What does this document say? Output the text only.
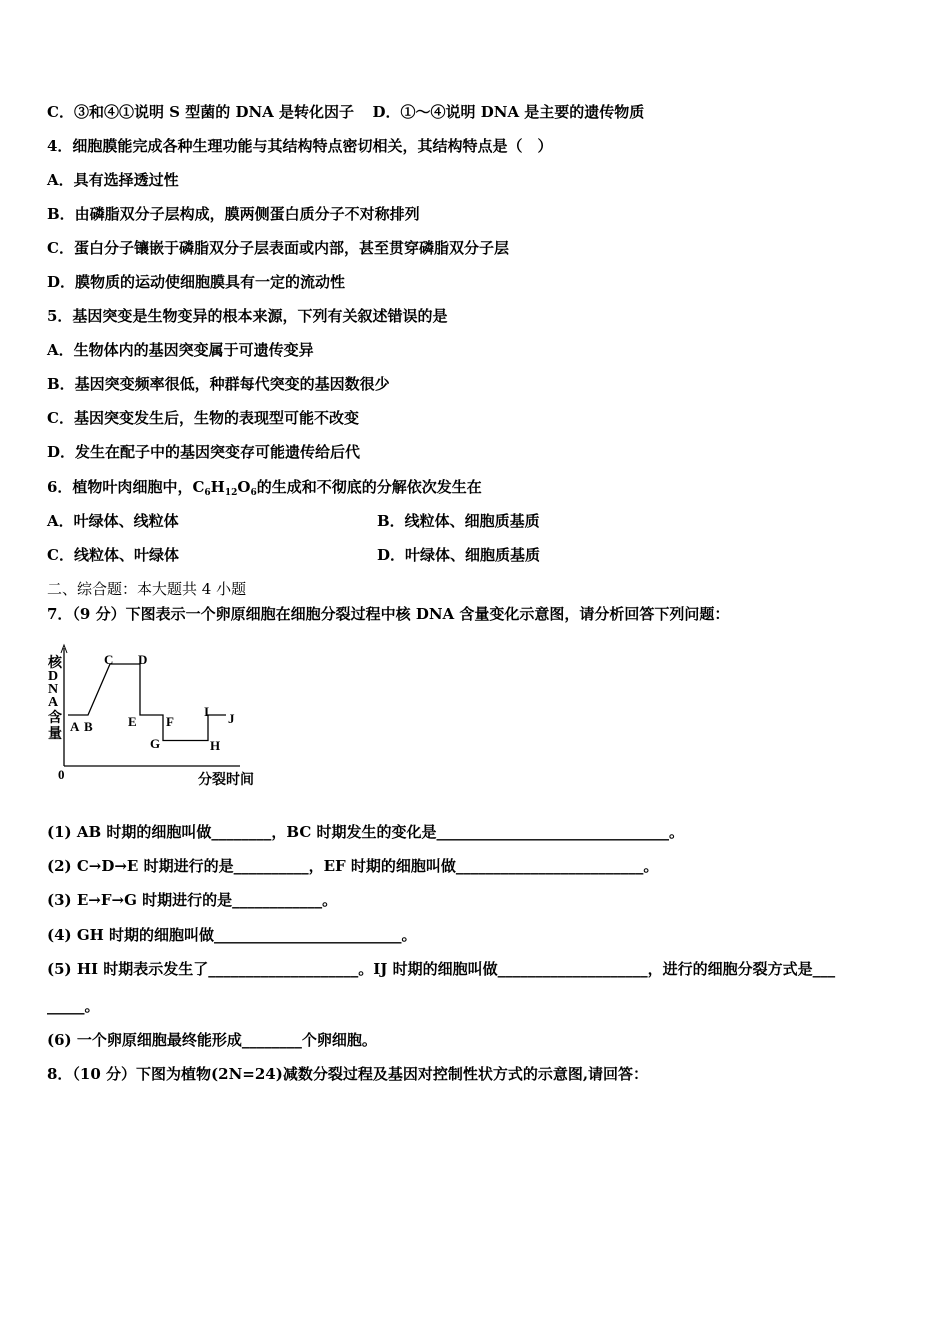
C．③和④①说明 S 型菌的 DNA 是转化因子 D．①～④说明 DNA 是主要的遗传物质
4．细胞膜能完成各种生理功能与其结构特点密切相关，其结构特点是（　）
A．具有选择透过性
B．由磷脂双分子层构成，膜两侧蛋白质分子不对称排列
C．蛋白分子镶嵌于磷脂双分子层表面或内部，甚至贯穿磷脂双分子层
D．膜物质的运动使细胞膜具有一定的流动性
5．基因突变是生物变异的根本来源，下列有关叙述错误的是
A．生物体内的基因突变属于可遗传变异
B．基因突变频率很低，种群每代突变的基因数很少
C．基因突变发生后，生物的表现型可能不改变
D．发生在配子中的基因突变存可能遗传给后代
6．植物叶肉细胞中，$C_6H_{12}O_6$的生成和不彻底的分解依次发生在
A．叶绿体、线粒体	B．线粒体、细胞质基质
C．线粒体、叶绿体	D．叶绿体、细胞质基质
二、综合题：本大题共 4 小题
7．（9 分）下图表示一个卵原细胞在细胞分裂过程中核 DNA 含量变化示意图，请分析回答下列问题：
核 D N A 含量
0	分裂时间
A B
C D
E F
G	H
I J
(1) AB 时期的细胞叫做________，BC 时期发生的变化是_______________________________。
(2) C→D→E 时期进行的是__________，EF 时期的细胞叫做_________________________。
(3) E→F→G 时期进行的是____________。
(4) GH 时期的细胞叫做_________________________。
(5) HI 时期表示发生了____________________。IJ 时期的细胞叫做____________________，进行的细胞分裂方式是___
_____。
(6) 一个卵原细胞最终能形成________个卵细胞。
8．（10 分）下图为植物(2N=24)减数分裂过程及基因对控制性状方式的示意图,请回答：
